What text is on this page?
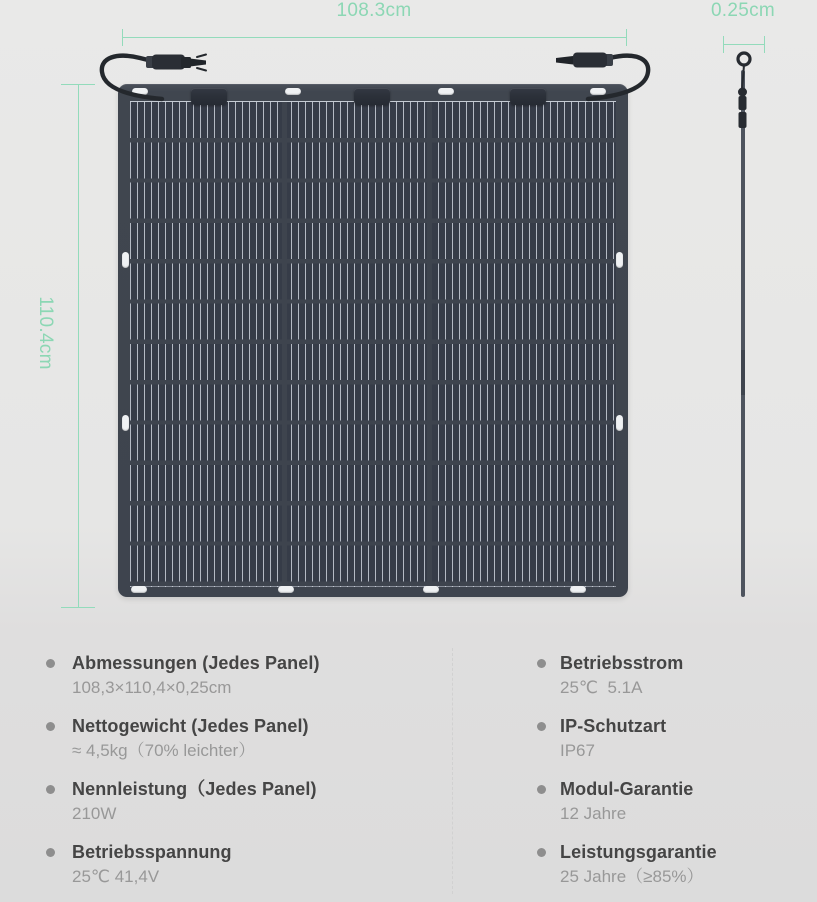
108.3cm
110.4cm
0.25cm
Abmessungen (Jedes Panel)
108,3×110,4×0,25cm
Nettogewicht (Jedes Panel)
≈ 4,5kg（70% leichter）
Nennleistung（Jedes Panel)
210W
Betriebsspannung
25℃ 41,4V
Betriebsstrom
25℃  5.1A
IP-Schutzart
IP67
Modul-Garantie
12 Jahre
Leistungsgarantie
25 Jahre（≥85%）
